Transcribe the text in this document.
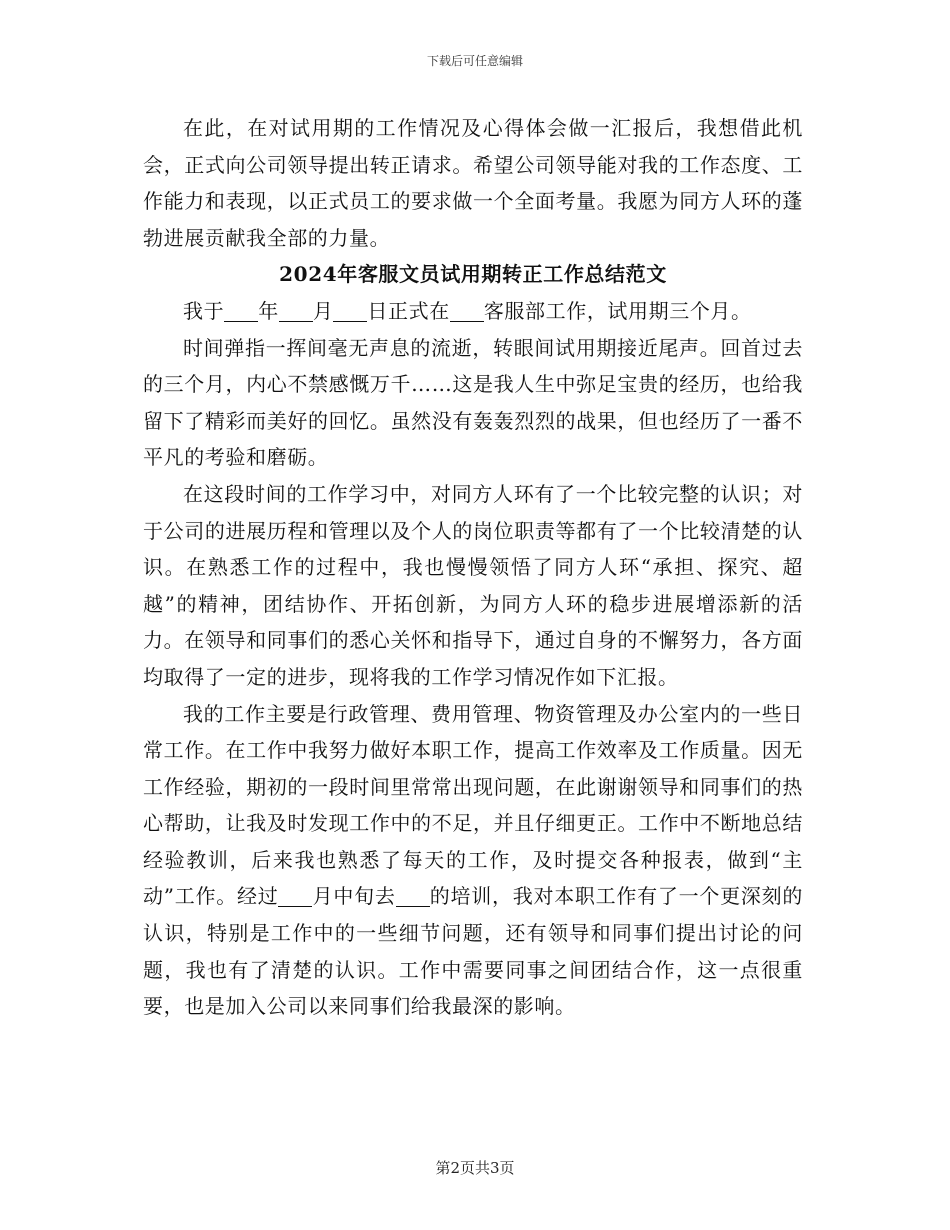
下载后可任意编辑

在此，在对试用期的工作情况及心得体会做一汇报后，我想借此机会，正式向公司领导提出转正请求。希望公司领导能对我的工作态度、工作能力和表现，以正式员工的要求做一个全面考量。我愿为同方人环的蓬勃进展贡献我全部的力量。

2024年客服文员试用期转正工作总结范文

我于 年 月 日正式在 客服部工作，试用期三个月。

时间弹指一挥间毫无声息的流逝，转眼间试用期接近尾声。回首过去的三个月，内心不禁感慨万千……这是我人生中弥足宝贵的经历，也给我留下了精彩而美好的回忆。虽然没有轰轰烈烈的战果，但也经历了一番不平凡的考验和磨砺。

在这段时间的工作学习中，对同方人环有了一个比较完整的认识；对于公司的进展历程和管理以及个人的岗位职责等都有了一个比较清楚的认识。在熟悉工作的过程中，我也慢慢领悟了同方人环“承担、探究、超越”的精神，团结协作、开拓创新，为同方人环的稳步进展增添新的活力。在领导和同事们的悉心关怀和指导下，通过自身的不懈努力，各方面均取得了一定的进步，现将我的工作学习情况作如下汇报。

我的工作主要是行政管理、费用管理、物资管理及办公室内的一些日常工作。在工作中我努力做好本职工作，提高工作效率及工作质量。因无工作经验，期初的一段时间里常常出现问题，在此谢谢领导和同事们的热心帮助，让我及时发现工作中的不足，并且仔细更正。工作中不断地总结经验教训，后来我也熟悉了每天的工作，及时提交各种报表，做到“主动”工作。经过 月中旬去 的培训，我对本职工作有了一个更深刻的认识，特别是工作中的一些细节问题，还有领导和同事们提出讨论的问题，我也有了清楚的认识。工作中需要同事之间团结合作，这一点很重要，也是加入公司以来同事们给我最深的影响。

第2页共3页
